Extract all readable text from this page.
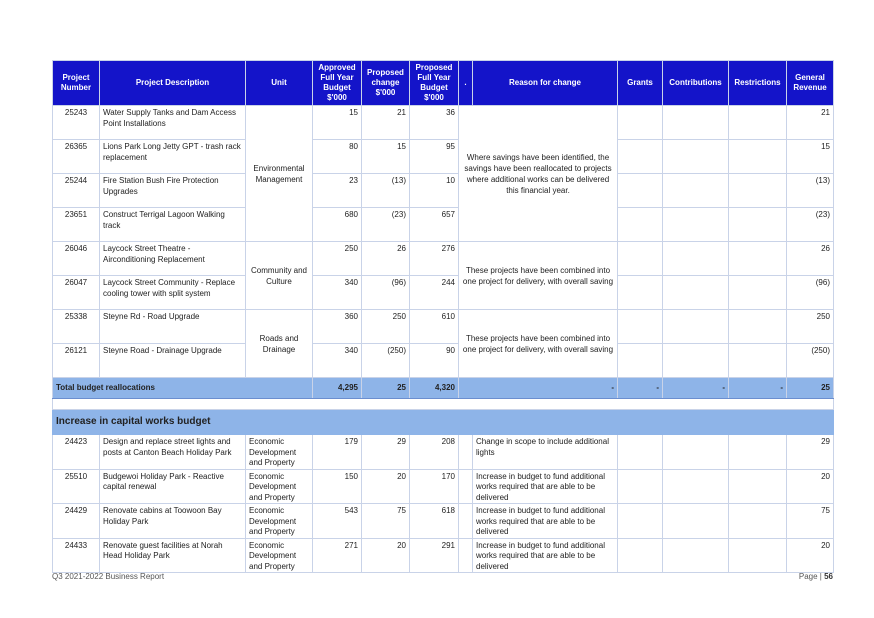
Project Number	Project Description	Unit	Approved Full Year Budget $'000	Proposed change $'000	Proposed Full Year Budget $'000	.	Reason for change	Grants	Contributions	Restrictions	General Revenue
25243	Water Supply Tanks and Dam Access Point Installations	Environmental Management	15	21	36	Where savings have been identified, the savings have been reallocated to projects where additional works can be delivered this financial year.					21
26365	Lions Park Long Jetty GPT - trash rack replacement		80	15	95						15
25244	Fire Station Bush Fire Protection Upgrades		23	(13)	10						(13)
23651	Construct Terrigal Lagoon Walking track		680	(23)	657						(23)
26046	Laycock Street Theatre - Airconditioning Replacement	Community and Culture	250	26	276	These projects have been combined into one project for delivery, with overall saving					26
26047	Laycock Street Community - Replace cooling tower with split system		340	(96)	244						(96)
25338	Steyne Rd - Road Upgrade	Roads and Drainage	360	250	610	These projects have been combined into one project for delivery, with overall saving					250
26121	Steyne Road - Drainage Upgrade		340	(250)	90						(250)
Total budget reallocations			4,295	25	4,320	-		-	-	-	25

Increase in capital works budget											
24423	Design and replace street lights and posts at Canton Beach Holiday Park	Economic Development and Property	179	29	208		Change in scope to include additional lights				29
25510	Budgewoi Holiday Park - Reactive capital renewal	Economic Development and Property	150	20	170		Increase in budget to fund additional works required that are able to be delivered				20
24429	Renovate cabins at Toowoon Bay Holiday Park	Economic Development and Property	543	75	618		Increase in budget to fund additional works required that are able to be delivered				75
24433	Renovate guest facilities at Norah Head Holiday Park	Economic Development and Property	271	20	291		Increase in budget to fund additional works required that are able to be delivered				20
Q3 2021-2022 Business Report	Page | 56
